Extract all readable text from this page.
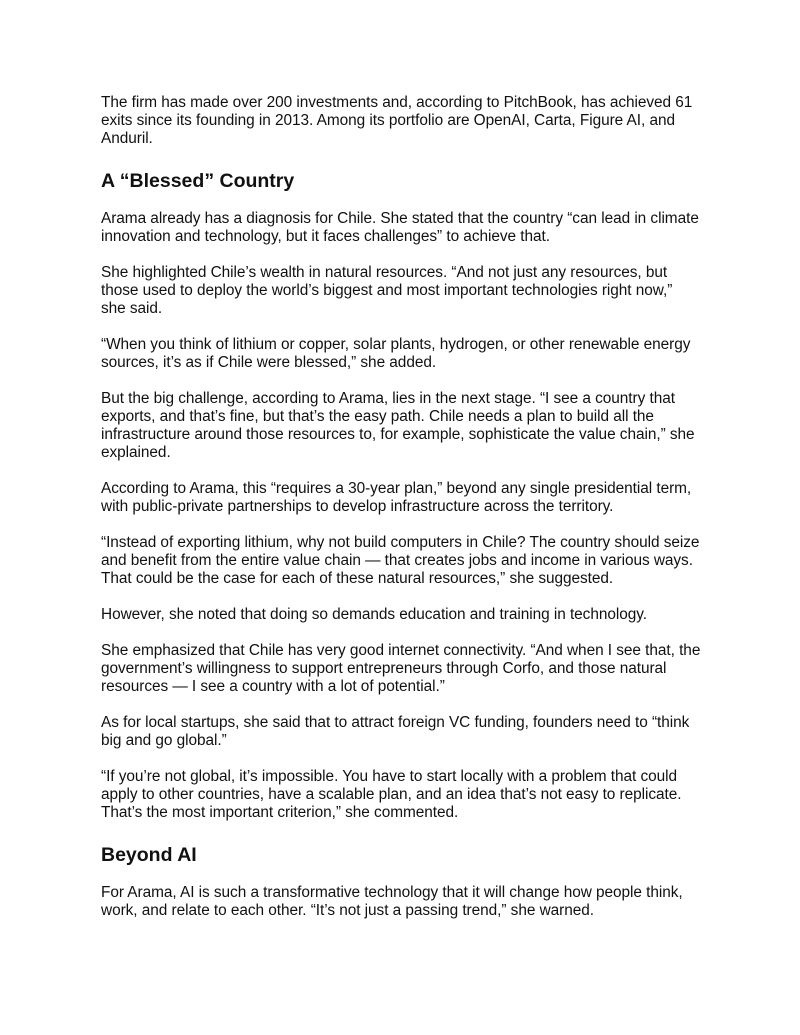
The firm has made over 200 investments and, according to PitchBook, has achieved 61 exits since its founding in 2013. Among its portfolio are OpenAI, Carta, Figure AI, and Anduril.

A “Blessed” Country

Arama already has a diagnosis for Chile. She stated that the country “can lead in climate innovation and technology, but it faces challenges” to achieve that.

She highlighted Chile’s wealth in natural resources. “And not just any resources, but those used to deploy the world’s biggest and most important technologies right now,” she said.

“When you think of lithium or copper, solar plants, hydrogen, or other renewable energy sources, it’s as if Chile were blessed,” she added.

But the big challenge, according to Arama, lies in the next stage. “I see a country that exports, and that’s fine, but that’s the easy path. Chile needs a plan to build all the infrastructure around those resources to, for example, sophisticate the value chain,” she explained.

According to Arama, this “requires a 30-year plan,” beyond any single presidential term, with public-private partnerships to develop infrastructure across the territory.

“Instead of exporting lithium, why not build computers in Chile? The country should seize and benefit from the entire value chain — that creates jobs and income in various ways. That could be the case for each of these natural resources,” she suggested.

However, she noted that doing so demands education and training in technology.

She emphasized that Chile has very good internet connectivity. “And when I see that, the government’s willingness to support entrepreneurs through Corfo, and those natural resources — I see a country with a lot of potential.”

As for local startups, she said that to attract foreign VC funding, founders need to “think big and go global.”

“If you’re not global, it’s impossible. You have to start locally with a problem that could apply to other countries, have a scalable plan, and an idea that’s not easy to replicate. That’s the most important criterion,” she commented.

Beyond AI

For Arama, AI is such a transformative technology that it will change how people think, work, and relate to each other. “It’s not just a passing trend,” she warned.
